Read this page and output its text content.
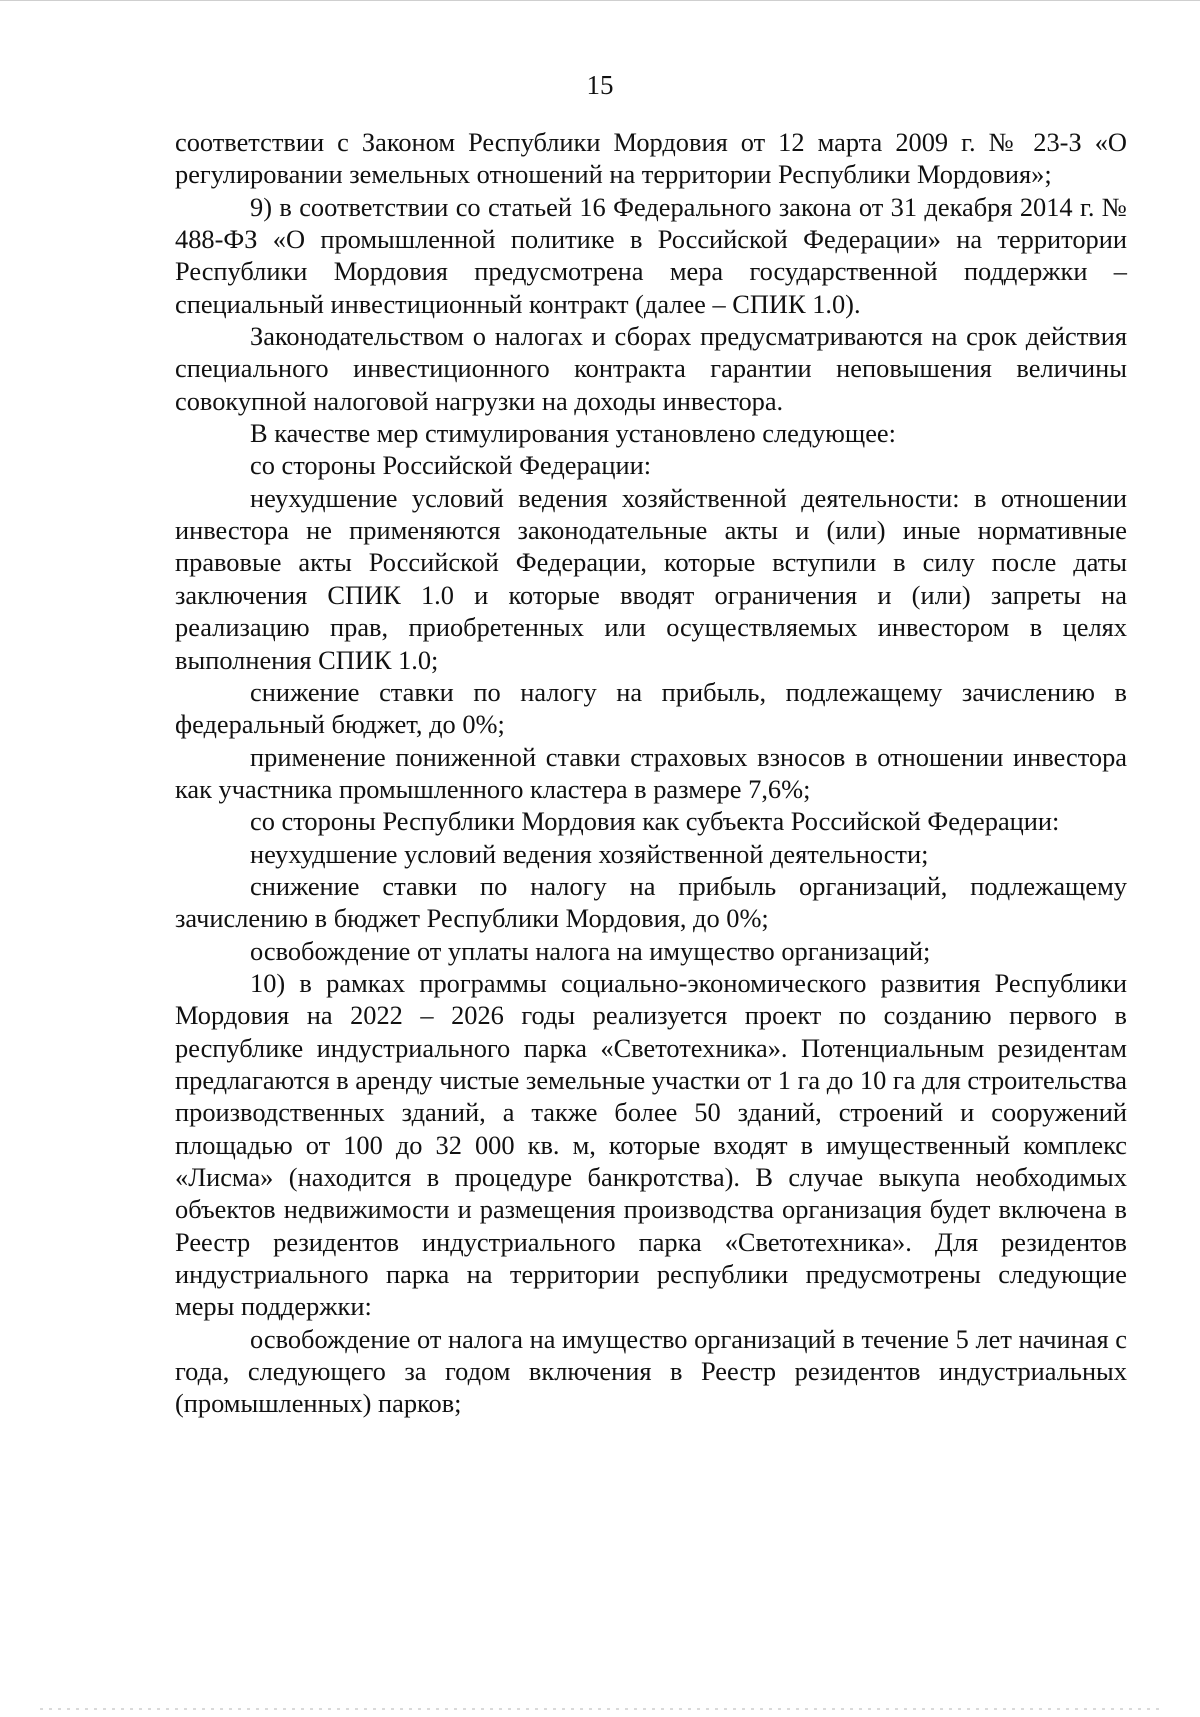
15

соответствии с Законом Республики Мордовия от 12 марта 2009 г. № 23-З «О регулировании земельных отношений на территории Республики Мордовия»;

9) в соответствии со статьей 16 Федерального закона от 31 декабря 2014 г. № 488-ФЗ «О промышленной политике в Российской Федерации» на территории Республики Мордовия предусмотрена мера государственной поддержки – специальный инвестиционный контракт (далее – СПИК 1.0).

Законодательством о налогах и сборах предусматриваются на срок действия специального инвестиционного контракта гарантии неповышения величины совокупной налоговой нагрузки на доходы инвестора.

В качестве мер стимулирования установлено следующее:

со стороны Российской Федерации:

неухудшение условий ведения хозяйственной деятельности: в отношении инвестора не применяются законодательные акты и (или) иные нормативные правовые акты Российской Федерации, которые вступили в силу после даты заключения СПИК 1.0 и которые вводят ограничения и (или) запреты на реализацию прав, приобретенных или осуществляемых инвестором в целях выполнения СПИК 1.0;

снижение ставки по налогу на прибыль, подлежащему зачислению в федеральный бюджет, до 0%;

применение пониженной ставки страховых взносов в отношении инвестора как участника промышленного кластера в размере 7,6%;

со стороны Республики Мордовия как субъекта Российской Федерации:

неухудшение условий ведения хозяйственной деятельности;

снижение ставки по налогу на прибыль организаций, подлежащему зачислению в бюджет Республики Мордовия, до 0%;

освобождение от уплаты налога на имущество организаций;

10) в рамках программы социально-экономического развития Республики Мордовия на 2022 – 2026 годы реализуется проект по созданию первого в республике индустриального парка «Светотехника». Потенциальным резидентам предлагаются в аренду чистые земельные участки от 1 га до 10 га для строительства производственных зданий, а также более 50 зданий, строений и сооружений площадью от 100 до 32 000 кв. м, которые входят в имущественный комплекс «Лисма» (находится в процедуре банкротства). В случае выкупа необходимых объектов недвижимости и размещения производства организация будет включена в Реестр резидентов индустриального парка «Светотехника». Для резидентов индустриального парка на территории республики предусмотрены следующие меры поддержки:

освобождение от налога на имущество организаций в течение 5 лет начиная с года, следующего за годом включения в Реестр резидентов индустриальных (промышленных) парков;
